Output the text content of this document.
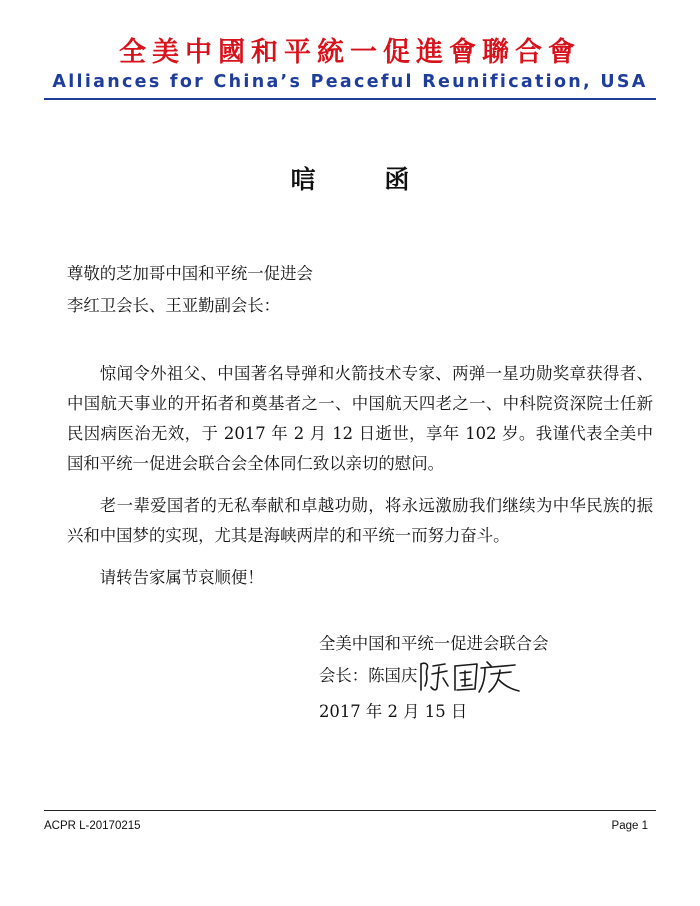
全美中國和平統一促進會聯合會
Alliances for China’s Peaceful Reunification, USA
唁 函
尊敬的芝加哥中国和平统一促进会
李红卫会长、王亚勤副会长：

惊闻令外祖父、中国著名导弹和火箭技术专家、两弹一星功勋奖章获得者、中国航天事业的开拓者和奠基者之一、中国航天四老之一、中科院资深院士任新民因病医治无效，于 2017 年 2 月 12 日逝世，享年 102 岁。我谨代表全美中国和平统一促进会联合会全体同仁致以亲切的慰问。

老一辈爱国者的无私奉献和卓越功勋，将永远激励我们继续为中华民族的振兴和中国梦的实现，尤其是海峡两岸的和平统一而努力奋斗。

请转告家属节哀顺便！

全美中国和平统一促进会联合会
会长：陈国庆
2017 年 2 月 15 日
ACPR L-20170215	Page 1
